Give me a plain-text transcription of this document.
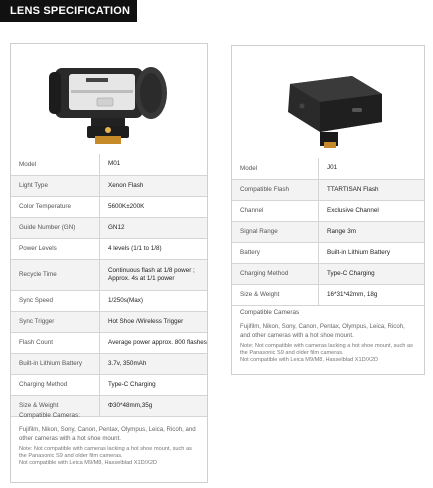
LENS SPECIFICATION
Model	M01
Light Type	Xenon Flash
Color Temperature	5600K±200K
Guide Number (GN)	GN12
Power Levels	4 levels (1/1 to 1/8)
Recycle Time	Continuous flash at 1/8 power ; Approx. 4s at 1/1 power
Sync Speed	1/250s(Max)
Sync Trigger	Hot Shoe /Wireless Trigger
Flash Count	Average power approx. 800 flashes
Built-in Lithium Battery	3.7v, 350mAh
Charging Method	Type-C Charging
Size & Weight	Φ30*48mm,35g
Compatible Cameras:
Fujifilm, Nikon, Sony, Canon, Pentax, Olympus, Leica, Ricoh, and other cameras with a hot shoe mount.
Note: Not compatible with cameras lacking a hot shoe mount, such as the Panasonic S9 and older film cameras.
Not compatible with Leica M9/M8, Hasselblad X1D/X2D
Model	J01
Compatible Flash	TTARTISAN Flash
Channel	Exclusive Channel
Signal Range	Range 3m
Battery	Built-in Lithium Battery
Charging Method	Type-C Charging
Size & Weight	16*31*42mm, 18g
Compatible Cameras
Fujifilm, Nikon, Sony, Canon, Pentax, Olympus, Leica, Ricoh, and other cameras with a hot shoe mount.
Note: Not compatible with cameras lacking a hot shoe mount, such as the Panasonic S9 and older film cameras.
Not compatible with Leica M9/M8, Hasselblad X1D/X2D
